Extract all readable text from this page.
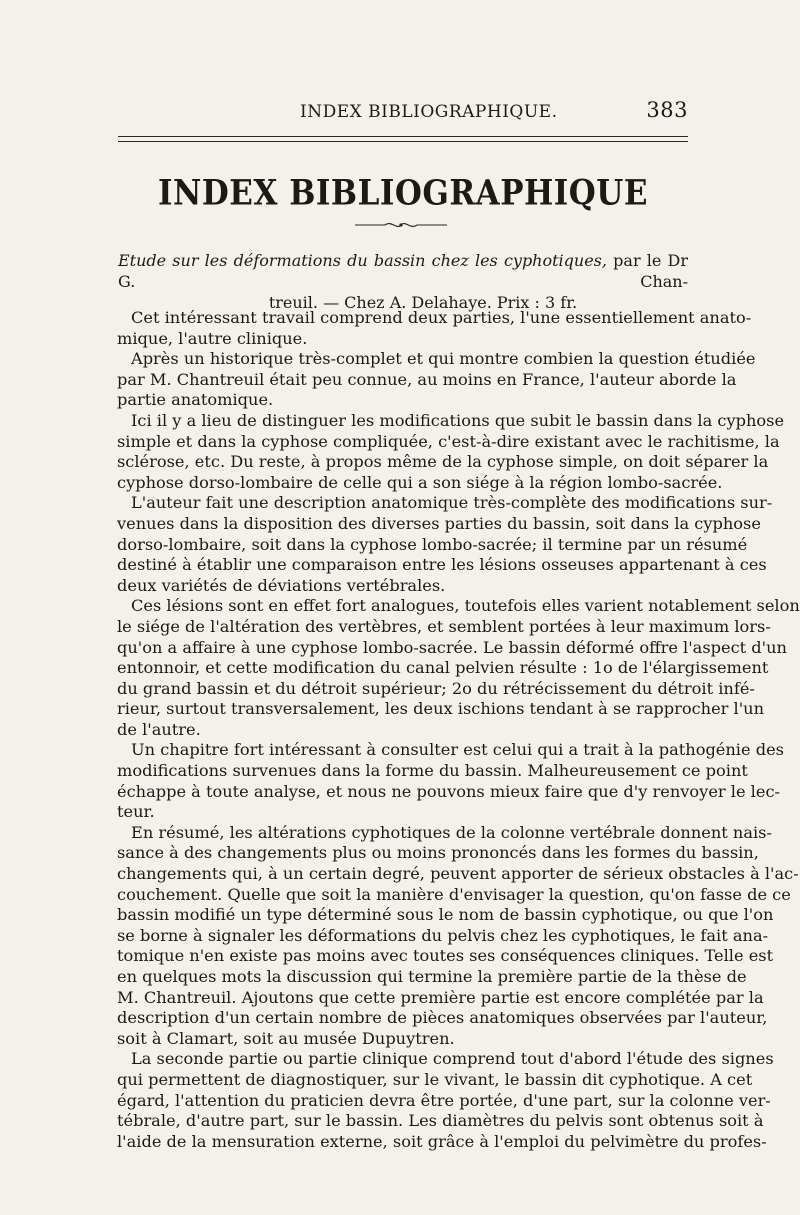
INDEX BIBLIOGRAPHIQUE.	383
INDEX BIBLIOGRAPHIQUE
Etude sur les déformations du bassin chez les cyphotiques, par le Dr G. Chan-
treuil. — Chez A. Delahaye. Prix : 3 fr.
Cet intéressant travail comprend deux parties, l'une essentiellement anato-
mique, l'autre clinique.
Après un historique très-complet et qui montre combien la question étudiée
par M. Chantreuil était peu connue, au moins en France, l'auteur aborde la
partie anatomique.
Ici il y a lieu de distinguer les modifications que subit le bassin dans la cyphose
simple et dans la cyphose compliquée, c'est-à-dire existant avec le rachitisme, la
sclérose, etc. Du reste, à propos même de la cyphose simple, on doit séparer la
cyphose dorso-lombaire de celle qui a son siége à la région lombo-sacrée.
L'auteur fait une description anatomique très-complète des modifications sur-
venues dans la disposition des diverses parties du bassin, soit dans la cyphose
dorso-lombaire, soit dans la cyphose lombo-sacrée; il termine par un résumé
destiné à établir une comparaison entre les lésions osseuses appartenant à ces
deux variétés de déviations vertébrales.
Ces lésions sont en effet fort analogues, toutefois elles varient notablement selon
le siége de l'altération des vertèbres, et semblent portées à leur maximum lors-
qu'on a affaire à une cyphose lombo-sacrée. Le bassin déformé offre l'aspect d'un
entonnoir, et cette modification du canal pelvien résulte : 1o de l'élargissement
du grand bassin et du détroit supérieur; 2o du rétrécissement du détroit infé-
rieur, surtout transversalement, les deux ischions tendant à se rapprocher l'un
de l'autre.
Un chapitre fort intéressant à consulter est celui qui a trait à la pathogénie des
modifications survenues dans la forme du bassin. Malheureusement ce point
échappe à toute analyse, et nous ne pouvons mieux faire que d'y renvoyer le lec-
teur.
En résumé, les altérations cyphotiques de la colonne vertébrale donnent nais-
sance à des changements plus ou moins prononcés dans les formes du bassin,
changements qui, à un certain degré, peuvent apporter de sérieux obstacles à l'ac-
couchement. Quelle que soit la manière d'envisager la question, qu'on fasse de ce
bassin modifié un type déterminé sous le nom de bassin cyphotique, ou que l'on
se borne à signaler les déformations du pelvis chez les cyphotiques, le fait ana-
tomique n'en existe pas moins avec toutes ses conséquences cliniques. Telle est
en quelques mots la discussion qui termine la première partie de la thèse de
M. Chantreuil. Ajoutons que cette première partie est encore complétée par la
description d'un certain nombre de pièces anatomiques observées par l'auteur,
soit à Clamart, soit au musée Dupuytren.
La seconde partie ou partie clinique comprend tout d'abord l'étude des signes
qui permettent de diagnostiquer, sur le vivant, le bassin dit cyphotique. A cet
égard, l'attention du praticien devra être portée, d'une part, sur la colonne ver-
tébrale, d'autre part, sur le bassin. Les diamètres du pelvis sont obtenus soit à
l'aide de la mensuration externe, soit grâce à l'emploi du pelvimètre du profes-
